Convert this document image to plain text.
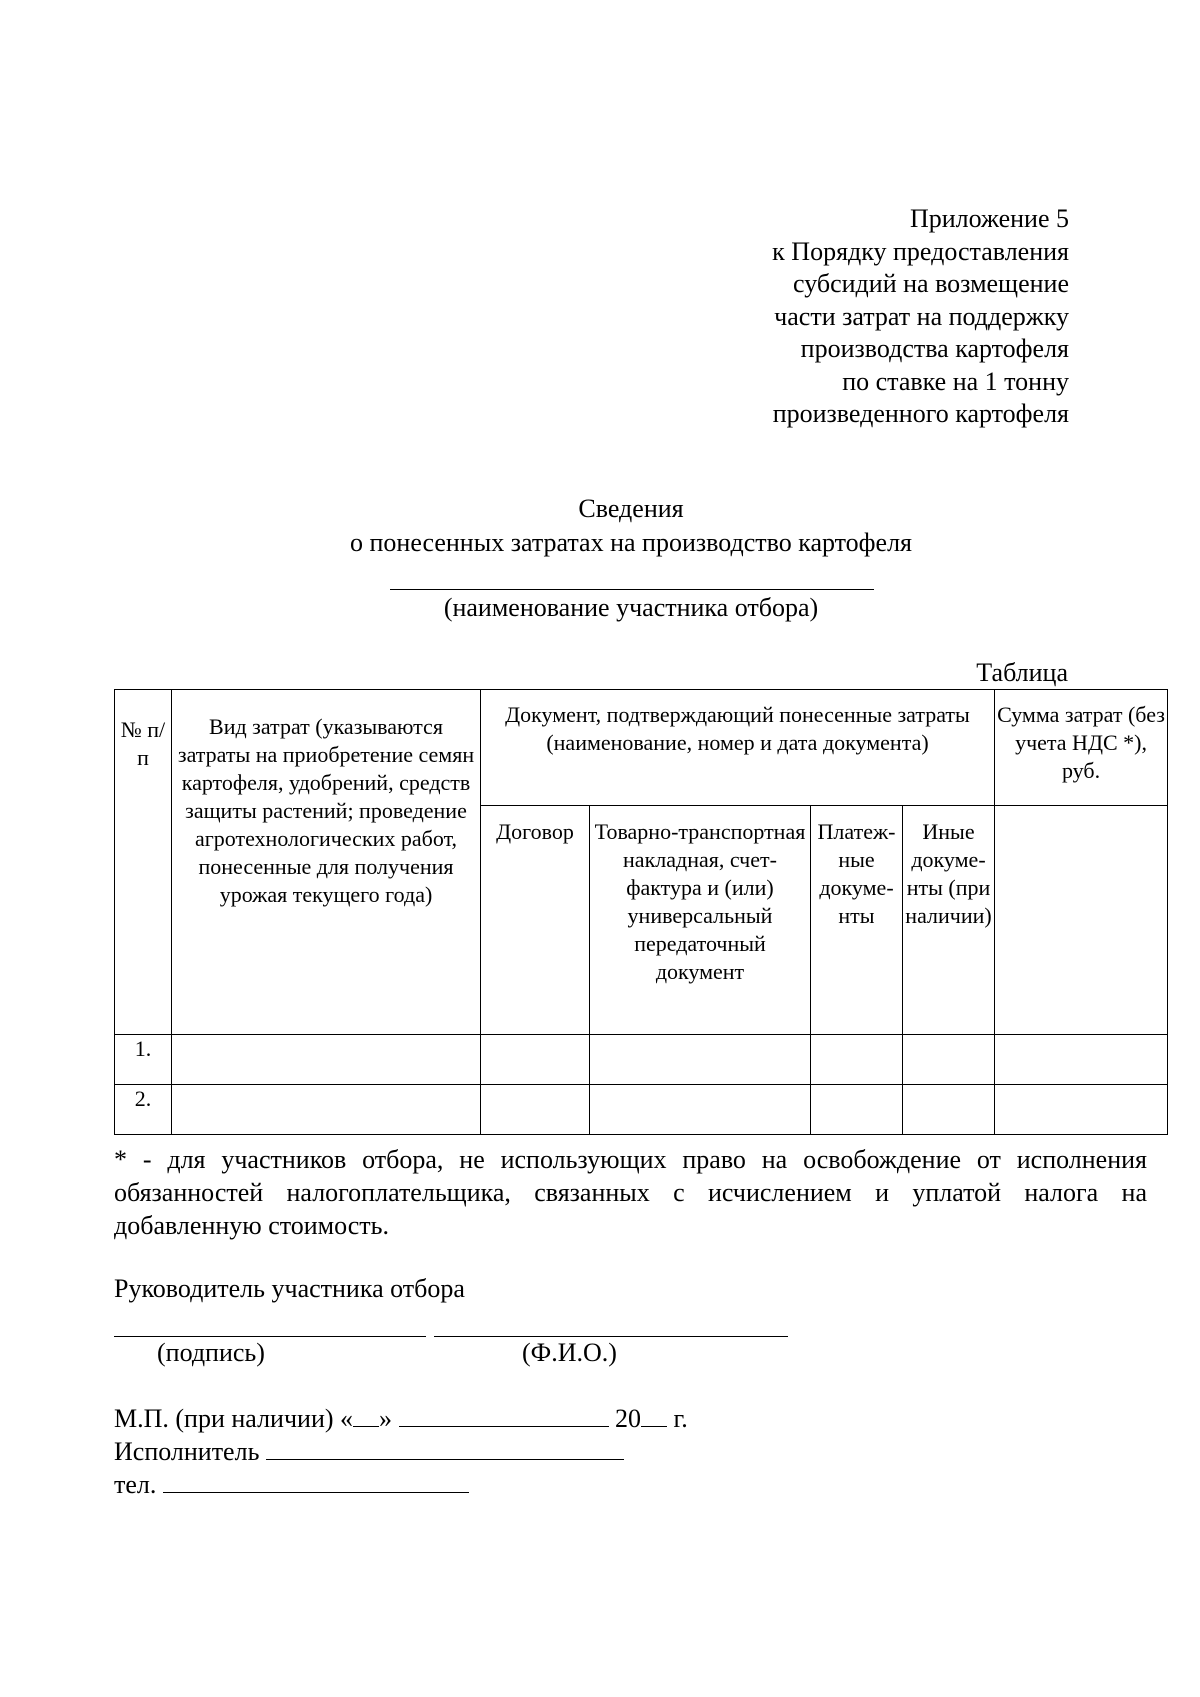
Приложение 5
к Порядку предоставления
субсидий на возмещение
части затрат на поддержку
производства картофеля
по ставке на 1 тонну
произведенного картофеля
Сведения
о понесенных затратах на производство картофеля
(наименование участника отбора)
Таблица
№ п/п	Вид затрат (указываются затраты на приобретение семян картофеля, удобрений, средств защиты растений; проведение агротехнологических работ, понесенные для получения урожая текущего года)	Документ, подтверждающий понесенные затраты (наименование, номер и дата документа)				Сумма затрат (без учета НДС *), руб.
		Договор	Товарно-транспортная накладная, счет-фактура и (или) универсальный передаточный документ	Платежные документы	Иные документы (при наличии)	
1.						
2.						
* - для участников отбора, не использующих право на освобождение от исполнения обязанностей налогоплательщика, связанных с исчислением и уплатой налога на добавленную стоимость.
Руководитель участника отбора
(подпись)	(Ф.И.О.)
М.П. (при наличии) « »	20 г.
Исполнитель
тел.
